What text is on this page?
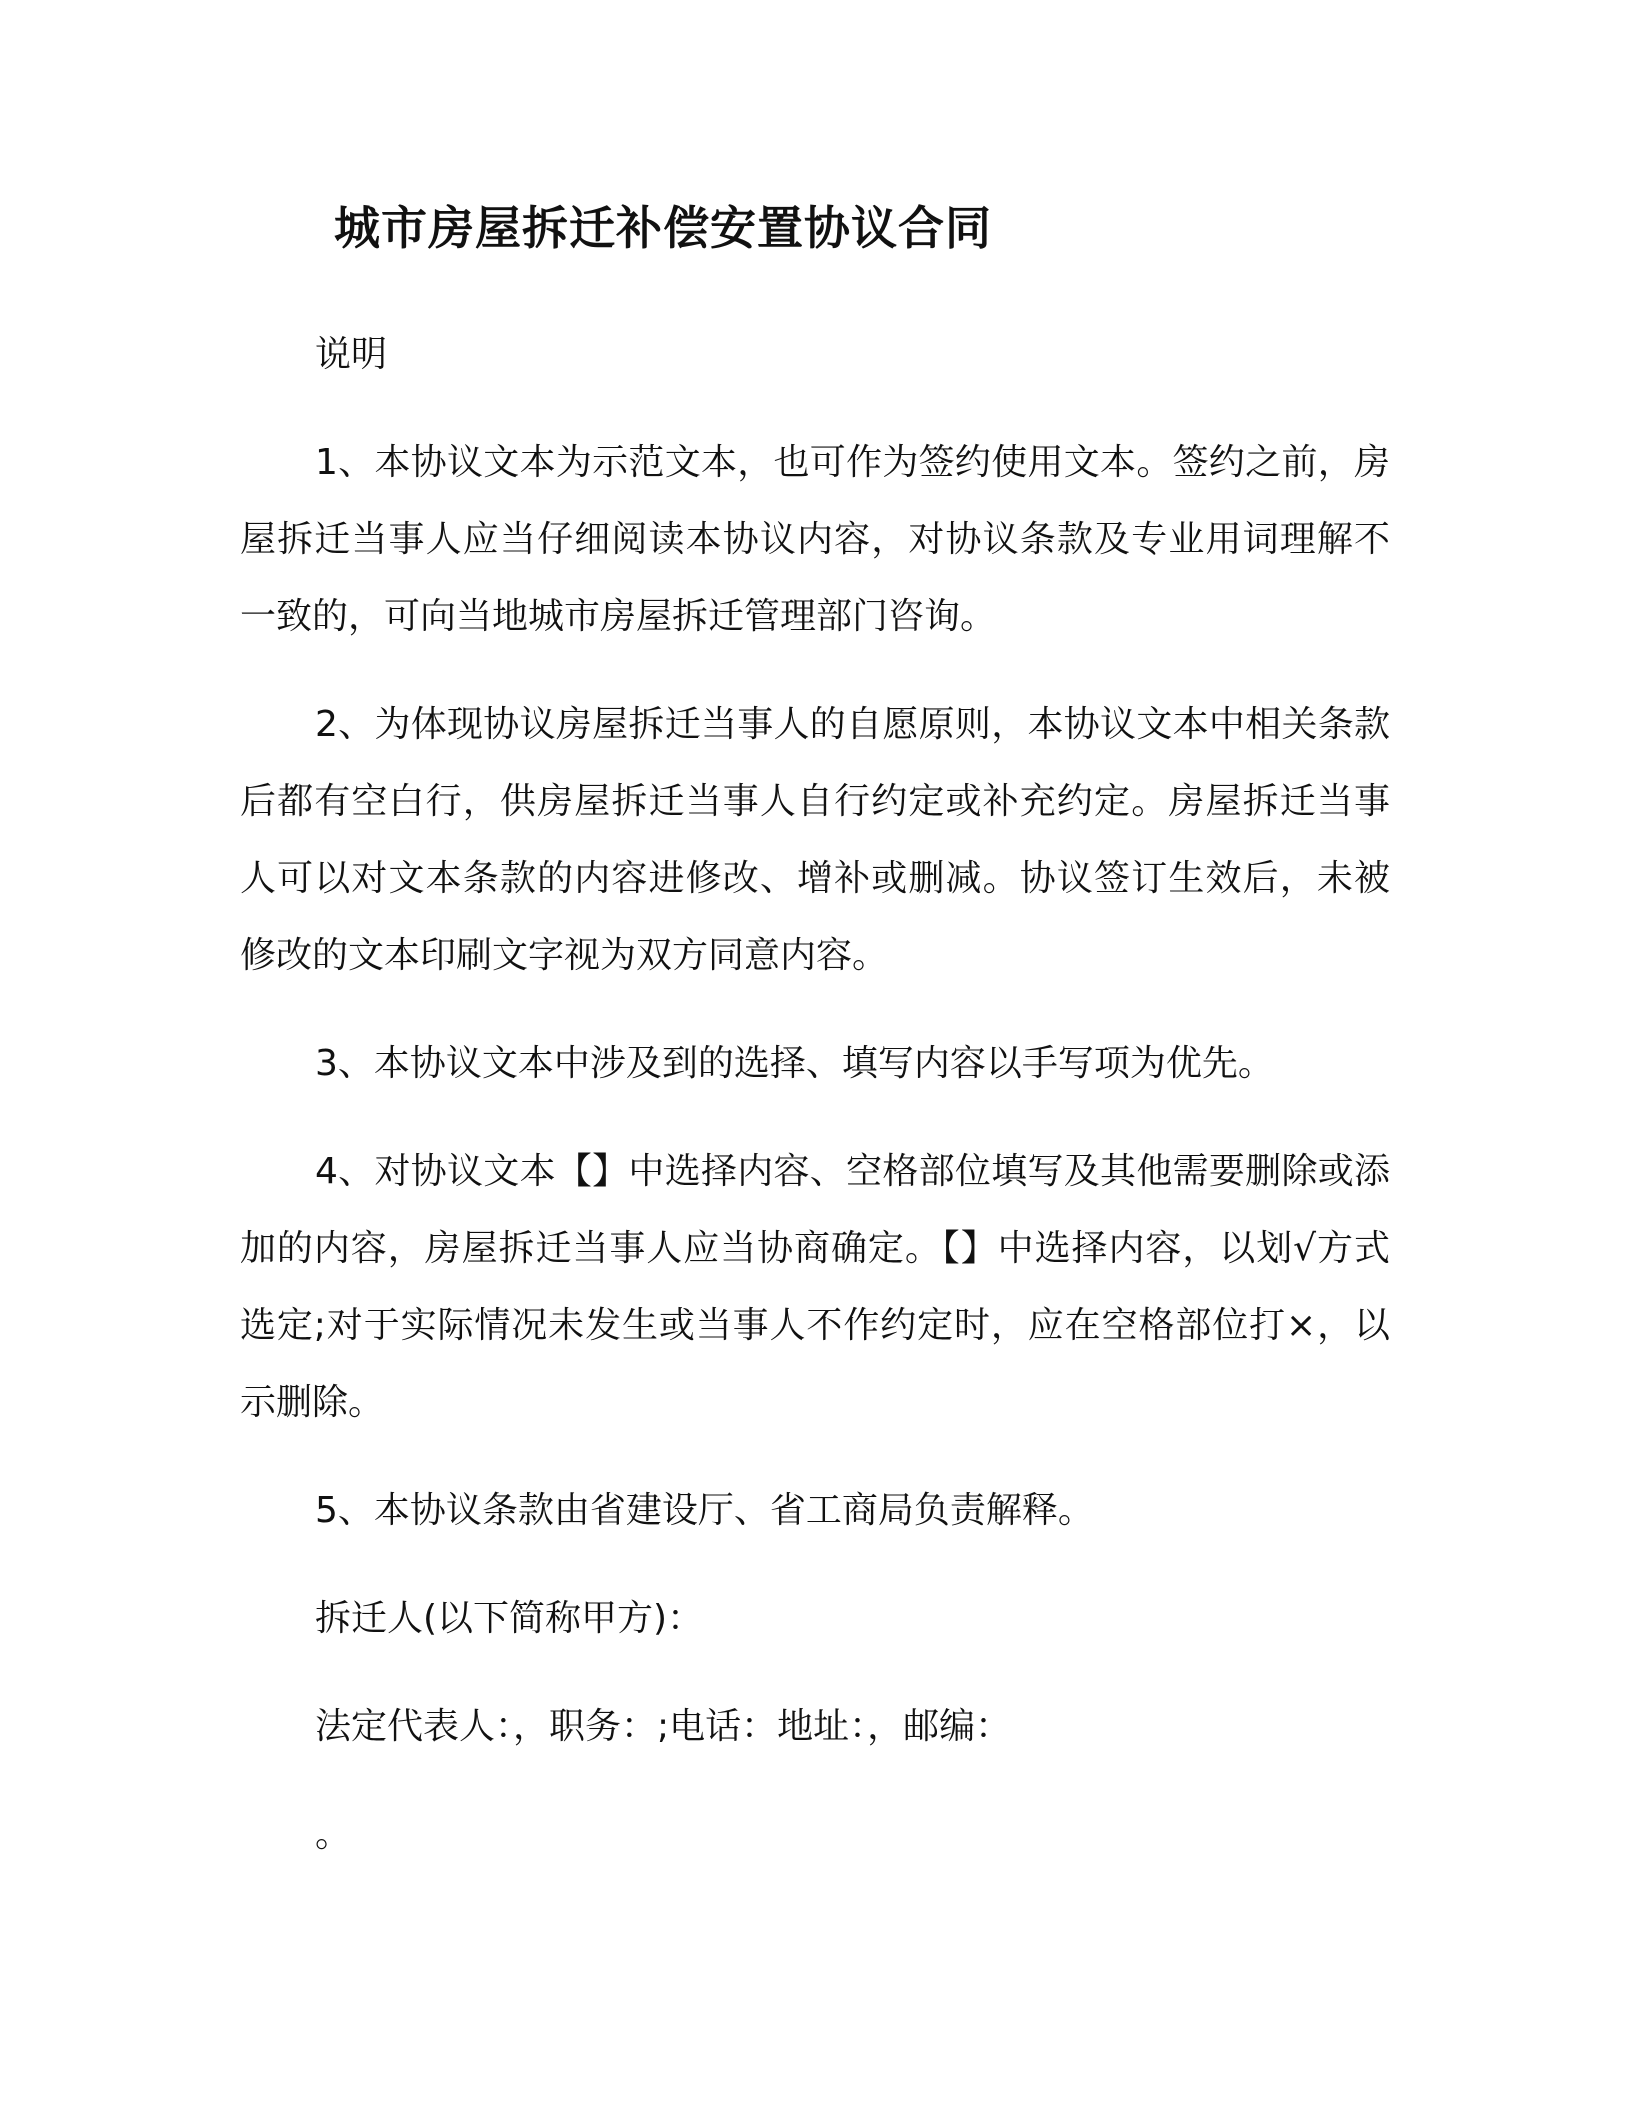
城市房屋拆迁补偿安置协议合同

说明

1、本协议文本为示范文本，也可作为签约使用文本。签约之前，房屋拆迁当事人应当仔细阅读本协议内容，对协议条款及专业用词理解不一致的，可向当地城市房屋拆迁管理部门咨询。

2、为体现协议房屋拆迁当事人的自愿原则，本协议文本中相关条款后都有空白行，供房屋拆迁当事人自行约定或补充约定。房屋拆迁当事人可以对文本条款的内容进修改、增补或删减。协议签订生效后，未被修改的文本印刷文字视为双方同意内容。

3、本协议文本中涉及到的选择、填写内容以手写项为优先。

4、对协议文本【】中选择内容、空格部位填写及其他需要删除或添加的内容，房屋拆迁当事人应当协商确定。【】中选择内容，以划√方式选定;对于实际情况未发生或当事人不作约定时，应在空格部位打×，以示删除。

5、本协议条款由省建设厅、省工商局负责解释。

拆迁人(以下简称甲方)：

法定代表人：，职务：;电话：地址：，邮编：

。
